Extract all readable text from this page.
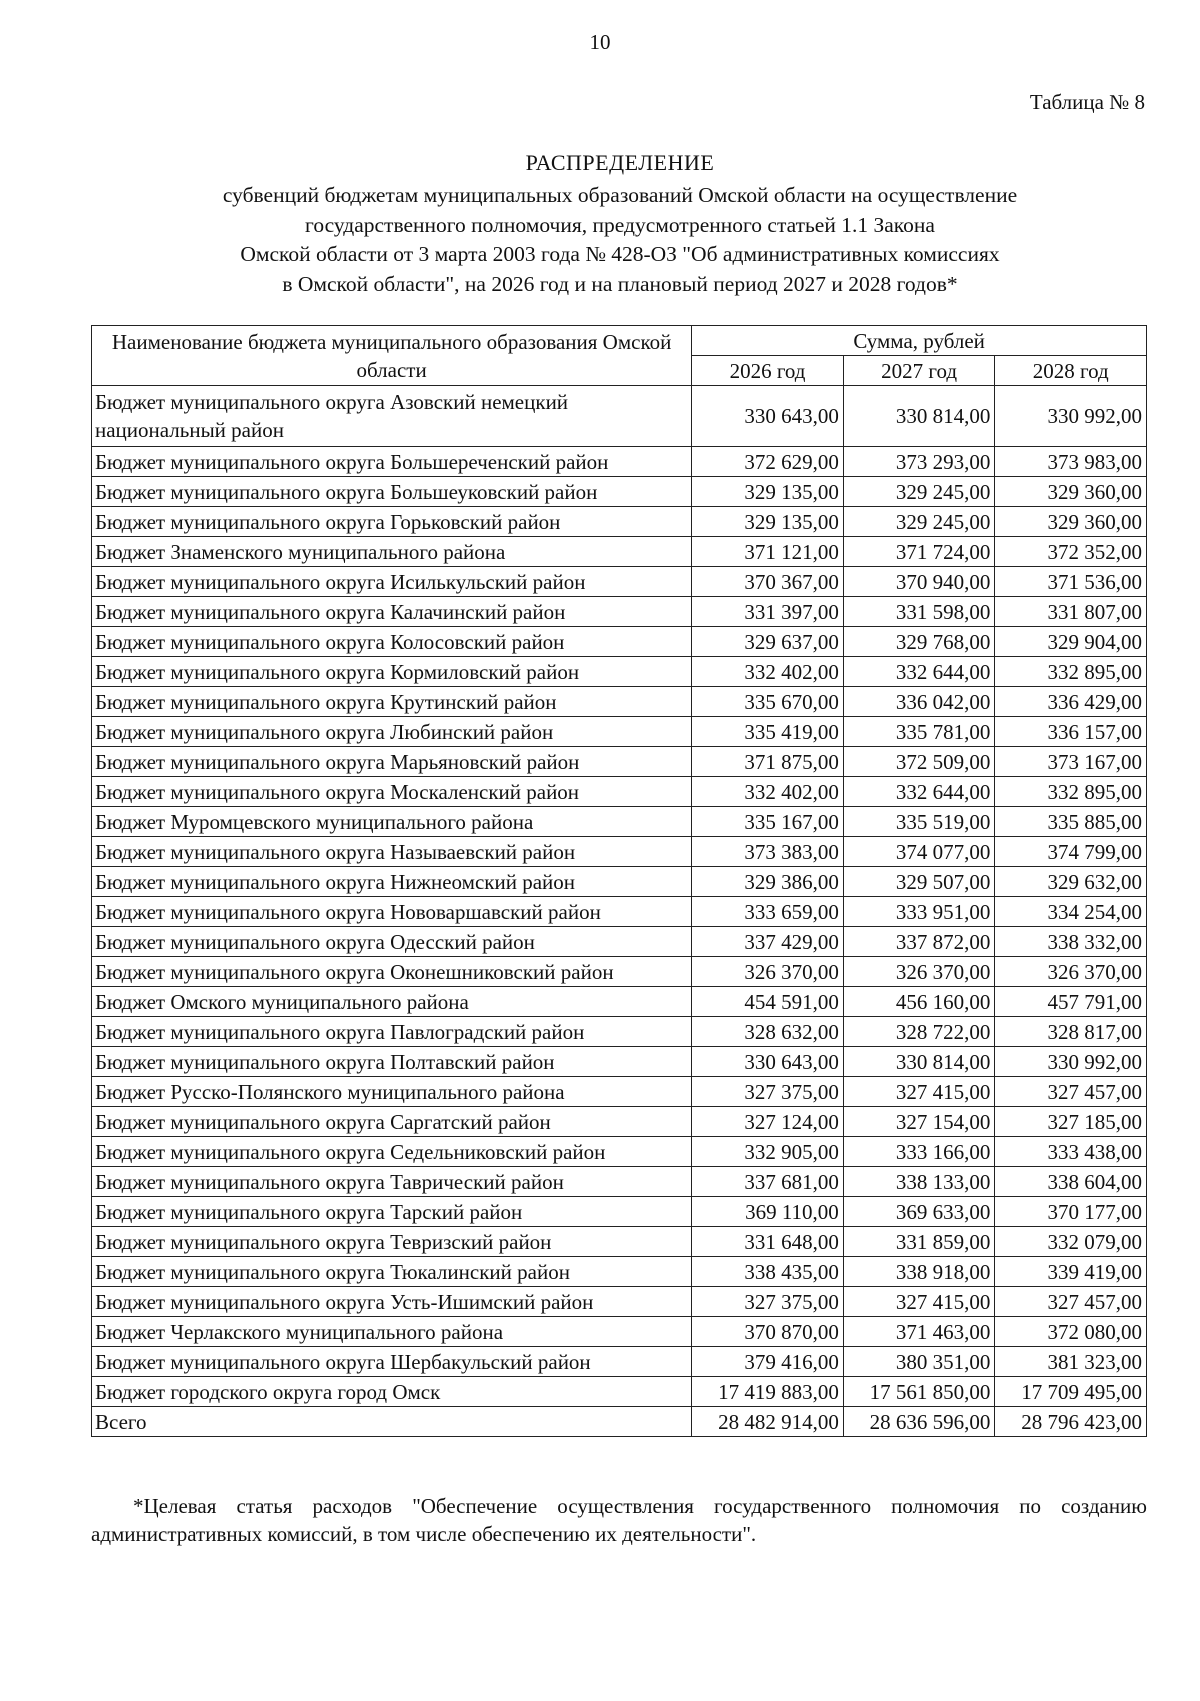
10
Таблица № 8
РАСПРЕДЕЛЕНИЕ
субвенций бюджетам муниципальных образований Омской области на осуществление
государственного полномочия, предусмотренного статьей 1.1 Закона
Омской области от 3 марта 2003 года № 428-ОЗ "Об административных комиссиях
в Омской области", на 2026 год и на плановый период 2027 и 2028 годов*
Наименование бюджета муниципального образования Омской области	Сумма, рублей		
	2026 год	2027 год	2028 год
Бюджет муниципального округа Азовский немецкий национальный район	330 643,00	330 814,00	330 992,00
Бюджет муниципального округа Большереченский район	372 629,00	373 293,00	373 983,00
Бюджет муниципального округа Большеуковский район	329 135,00	329 245,00	329 360,00
Бюджет муниципального округа Горьковский район	329 135,00	329 245,00	329 360,00
Бюджет Знаменского муниципального района	371 121,00	371 724,00	372 352,00
Бюджет муниципального округа Исилькульский район	370 367,00	370 940,00	371 536,00
Бюджет муниципального округа Калачинский район	331 397,00	331 598,00	331 807,00
Бюджет муниципального округа Колосовский район	329 637,00	329 768,00	329 904,00
Бюджет муниципального округа Кормиловский район	332 402,00	332 644,00	332 895,00
Бюджет муниципального округа Крутинский район	335 670,00	336 042,00	336 429,00
Бюджет муниципального округа Любинский район	335 419,00	335 781,00	336 157,00
Бюджет муниципального округа Марьяновский район	371 875,00	372 509,00	373 167,00
Бюджет муниципального округа Москаленский район	332 402,00	332 644,00	332 895,00
Бюджет Муромцевского муниципального района	335 167,00	335 519,00	335 885,00
Бюджет муниципального округа Называевский район	373 383,00	374 077,00	374 799,00
Бюджет муниципального округа Нижнеомский район	329 386,00	329 507,00	329 632,00
Бюджет муниципального округа Нововаршавский район	333 659,00	333 951,00	334 254,00
Бюджет муниципального округа Одесский район	337 429,00	337 872,00	338 332,00
Бюджет муниципального округа Оконешниковский район	326 370,00	326 370,00	326 370,00
Бюджет Омского муниципального района	454 591,00	456 160,00	457 791,00
Бюджет муниципального округа Павлоградский район	328 632,00	328 722,00	328 817,00
Бюджет муниципального округа Полтавский район	330 643,00	330 814,00	330 992,00
Бюджет Русско-Полянского муниципального района	327 375,00	327 415,00	327 457,00
Бюджет муниципального округа Саргатский район	327 124,00	327 154,00	327 185,00
Бюджет муниципального округа Седельниковский район	332 905,00	333 166,00	333 438,00
Бюджет муниципального округа Таврический район	337 681,00	338 133,00	338 604,00
Бюджет муниципального округа Тарский район	369 110,00	369 633,00	370 177,00
Бюджет муниципального округа Тевризский район	331 648,00	331 859,00	332 079,00
Бюджет муниципального округа Тюкалинский район	338 435,00	338 918,00	339 419,00
Бюджет муниципального округа Усть-Ишимский район	327 375,00	327 415,00	327 457,00
Бюджет Черлакского муниципального района	370 870,00	371 463,00	372 080,00
Бюджет муниципального округа Шербакульский район	379 416,00	380 351,00	381 323,00
Бюджет городского округа город Омск	17 419 883,00	17 561 850,00	17 709 495,00
Всего	28 482 914,00	28 636 596,00	28 796 423,00
*Целевая статья расходов "Обеспечение осуществления государственного полномочия по созданию административных комиссий, в том числе обеспечению их деятельности".
